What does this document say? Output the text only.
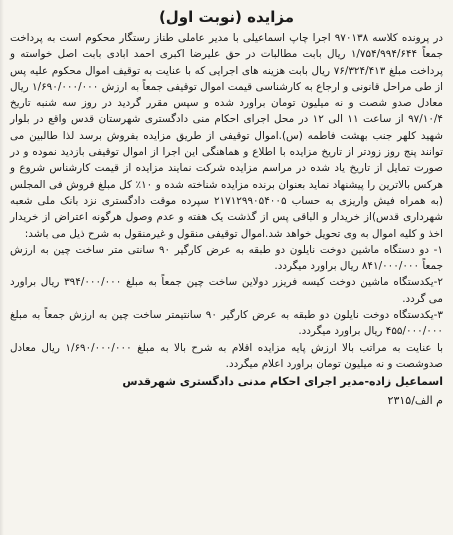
مزایده (نوبت اول)

در پرونده کلاسه ۹۷۰۱۳۸ اجرا چاپ اسماعیلی با مدیر عاملی طناز رستگار محکوم است به پرداخت جمعاً ۱/۷۵۴/۹۹۴/۶۴۴ ریال بابت مطالبات در حق علیرضا اکبری احمد ابادی بابت اصل خواسته و پرداخت مبلغ ۷۶/۳۲۴/۴۱۳ ریال بابت هزینه های اجرایی که با عنایت به توقیف اموال محکوم علیه پس از طی مراحل قانونی و ارجاع به کارشناسی قیمت اموال توقیفی جمعاً به ارزش ۱/۶۹۰/۰۰۰/۰۰۰ ریال معادل صدو شصت و نه میلیون تومان براورد شده و سپس مقرر گردید در روز سه شنبه تاریخ ۹۷/۱۰/۴ از ساعت ۱۱ الی ۱۲ در محل اجرای احکام منی دادگستری شهرستان قدس واقع در بلوار شهید کلهر جنب بهشت فاطمه (س).اموال توقیفی از طریق مزایده بفروش برسد لذا طالبین می توانند پنج روز زودتر از تاریخ مزایده با اطلاع و هماهنگی این اجرا از اموال توقیفی بازدید نموده و در صورت تمایل از تاریخ یاد شده در مراسم مزایده شرکت نمایند مزایده از قیمت کارشناس شروع و هرکس بالاترین را پیشنهاد نماید بعنوان برنده مزایده شناخته شده و ۱۰٪ کل مبلغ فروش فی المجلس (به همراه فیش واریزی به حساب ۲۱۷۱۲۹۹۰۵۴۰۰۵ سپرده موقت دادگستری نزد بانک ملی شعبه شهرداری قدس)از خریدار و الباقی پس از گذشت یک هفته و عدم وصول هرگونه اعتراض از خریدار اخذ و کلیه اموال به وی تحویل خواهد شد.اموال توقیفی منقول و غیرمنقول به شرح ذیل می باشد:

۱- دو دستگاه ماشین دوخت نایلون دو طبقه به عرض کارگیر ۹۰ سانتی متر ساخت چین به ارزش جمعاً ۸۴۱/۰۰۰/۰۰۰ ریال براورد میگردد.

۲-یکدستگاه ماشین دوخت کیسه فریزر دولاین ساخت چین جمعاً به مبلغ ۳۹۴/۰۰۰/۰۰۰ ریال براورد می گردد.

۳-یکدستگاه دوخت نایلون دو طبقه به عرض کارگیر ۹۰ سانتیمتر ساخت چین به ارزش جمعاً به مبلغ ۴۵۵/۰۰۰/۰۰۰ ریال براورد میگردد.

با عنایت به مراتب بالا ارزش پایه مزایده اقلام به شرح بالا به مبلغ ۱/۶۹۰/۰۰۰/۰۰۰ ریال معادل صدوشصت و نه میلیون تومان براورد اعلام میگردد.

اسماعیل زاده-مدیر اجرای احکام مدنی دادگستری شهرقدس

م الف/۲۳۱۵
